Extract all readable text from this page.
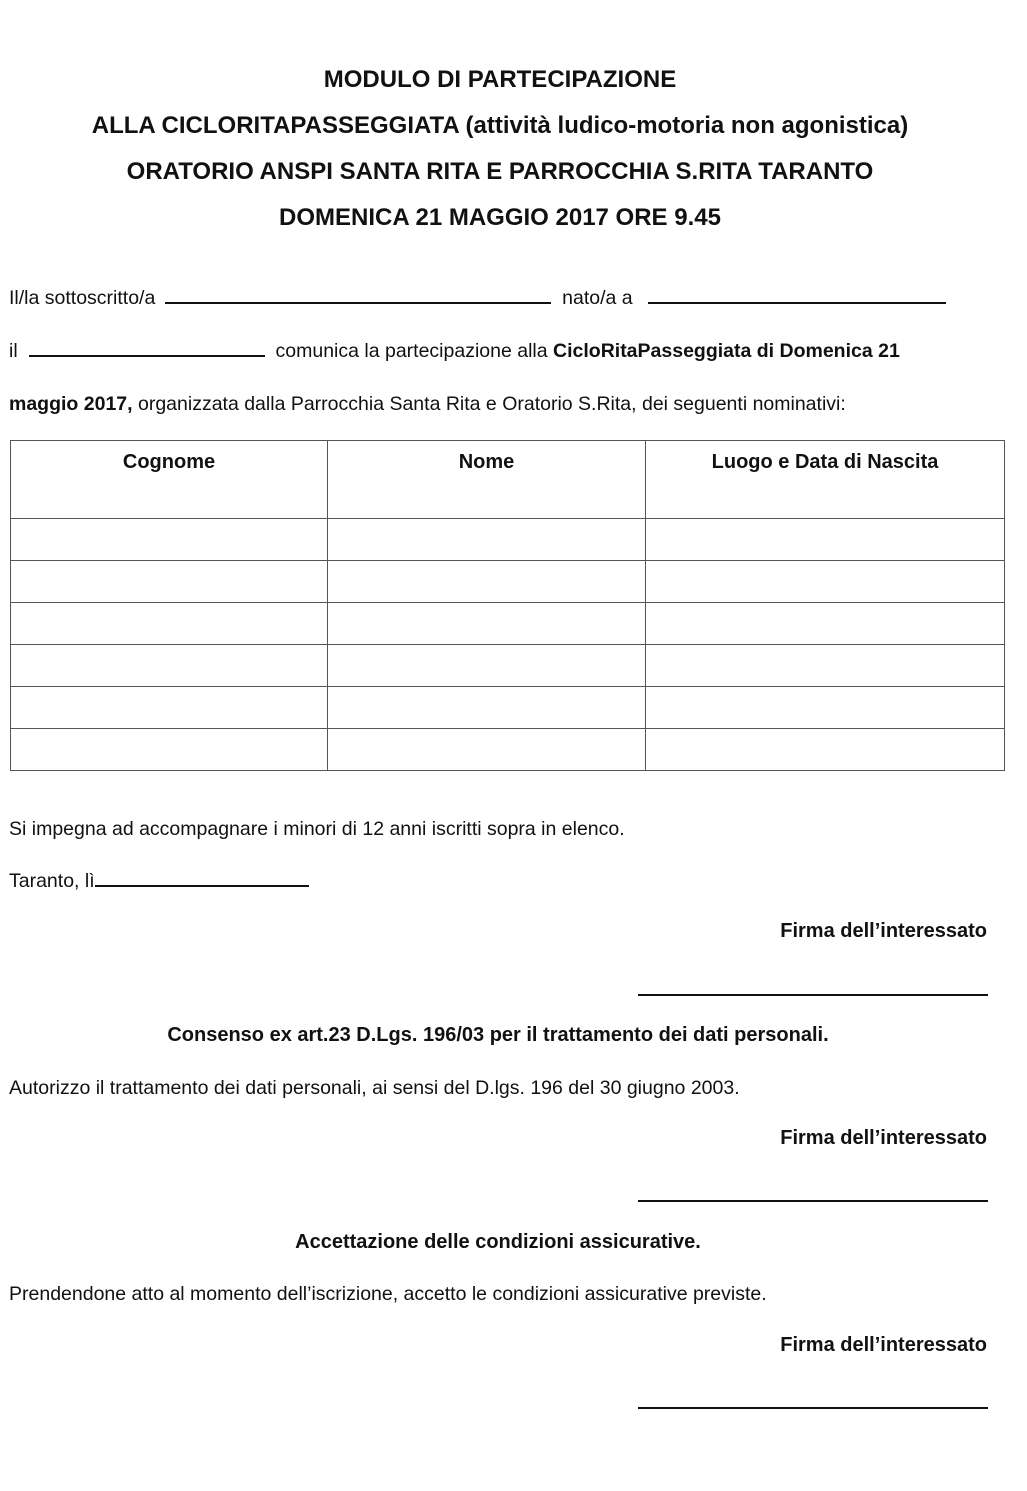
MODULO DI PARTECIPAZIONE
ALLA CICLORITAPASSEGGIATA (attività ludico-motoria non agonistica)
ORATORIO ANSPI SANTA RITA E PARROCCHIA S.RITA TARANTO
DOMENICA 21 MAGGIO 2017 ORE 9.45
Il/la sottoscritto/a	nato/a a
il	comunica la partecipazione alla CicloRitaPasseggiata di Domenica 21
maggio 2017, organizzata dalla Parrocchia Santa Rita e Oratorio S.Rita, dei seguenti nominativi:
Cognome	Nome	Luogo e Data di Nascita

Si impegna ad accompagnare i minori di 12 anni iscritti sopra in elenco.
Taranto, lì
Firma dell’interessato
Consenso ex art.23 D.Lgs. 196/03 per il trattamento dei dati personali.
Autorizzo il trattamento dei dati personali, ai sensi del D.lgs. 196 del 30 giugno 2003.
Firma dell’interessato
Accettazione delle condizioni assicurative.
Prendendone atto al momento dell’iscrizione, accetto le condizioni assicurative previste.
Firma dell’interessato
